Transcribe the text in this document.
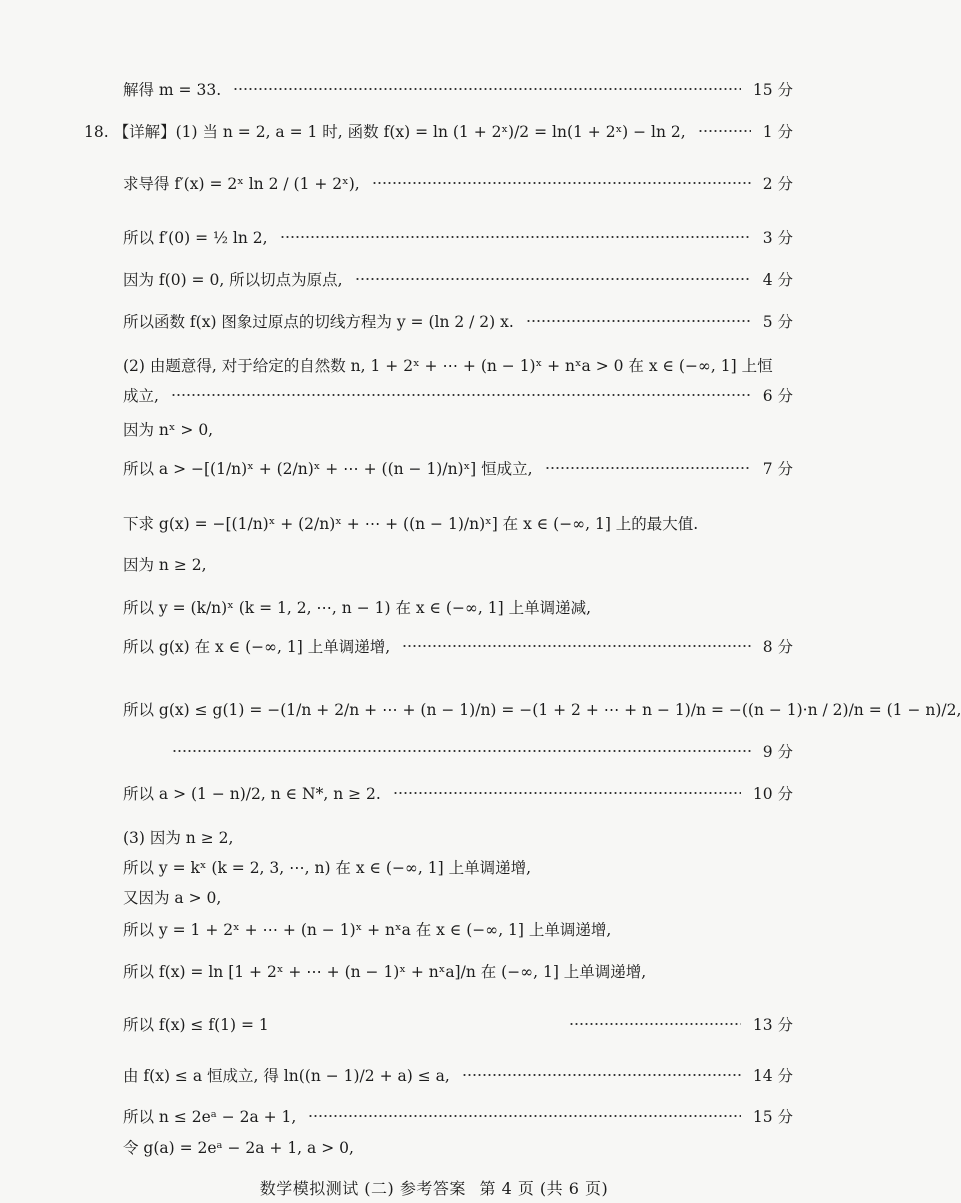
解得 m = 33.	15 分
18. 【详解】(1) 当 n = 2, a = 1 时, 函数 f(x) = ln (1 + 2ˣ)/2 = ln(1 + 2ˣ) − ln 2,	1 分
求导得 f′(x) = 2ˣ ln 2 / (1 + 2ˣ),	2 分
所以 f′(0) = ½ ln 2,	3 分
因为 f(0) = 0, 所以切点为原点,	4 分
所以函数 f(x) 图象过原点的切线方程为 y = (ln 2 / 2) x.	5 分
(2) 由题意得, 对于给定的自然数 n, 1 + 2ˣ + ⋯ + (n − 1)ˣ + nˣa > 0 在 x ∈ (−∞, 1] 上恒
成立,	6 分
因为 nˣ > 0,
所以 a > −[(1/n)ˣ + (2/n)ˣ + ⋯ + ((n − 1)/n)ˣ] 恒成立,	7 分
下求 g(x) = −[(1/n)ˣ + (2/n)ˣ + ⋯ + ((n − 1)/n)ˣ] 在 x ∈ (−∞, 1] 上的最大值.
因为 n ≥ 2,
所以 y = (k/n)ˣ (k = 1, 2, ⋯, n − 1) 在 x ∈ (−∞, 1] 上单调递减,
所以 g(x) 在 x ∈ (−∞, 1] 上单调递增,	8 分
所以 g(x) ≤ g(1) = −(1/n + 2/n + ⋯ + (n − 1)/n) = −(1 + 2 + ⋯ + n − 1)/n = −((n − 1)·n / 2)/n = (1 − n)/2,
9 分
所以 a > (1 − n)/2, n ∈ N*, n ≥ 2.	10 分
(3) 因为 n ≥ 2,
所以 y = kˣ (k = 2, 3, ⋯, n) 在 x ∈ (−∞, 1] 上单调递增,
又因为 a > 0,
所以 y = 1 + 2ˣ + ⋯ + (n − 1)ˣ + nˣa 在 x ∈ (−∞, 1] 上单调递增,
所以 f(x) = ln [1 + 2ˣ + ⋯ + (n − 1)ˣ + nˣa]/n 在 (−∞, 1] 上单调递增,
所以 f(x) ≤ f(1) = 1	13 分
由 f(x) ≤ a 恒成立, 得 ln((n − 1)/2 + a) ≤ a,	14 分
所以 n ≤ 2eᵃ − 2a + 1,	15 分
令 g(a) = 2eᵃ − 2a + 1, a > 0,
数学模拟测试 (二) 参考答案 第 4 页 (共 6 页)
